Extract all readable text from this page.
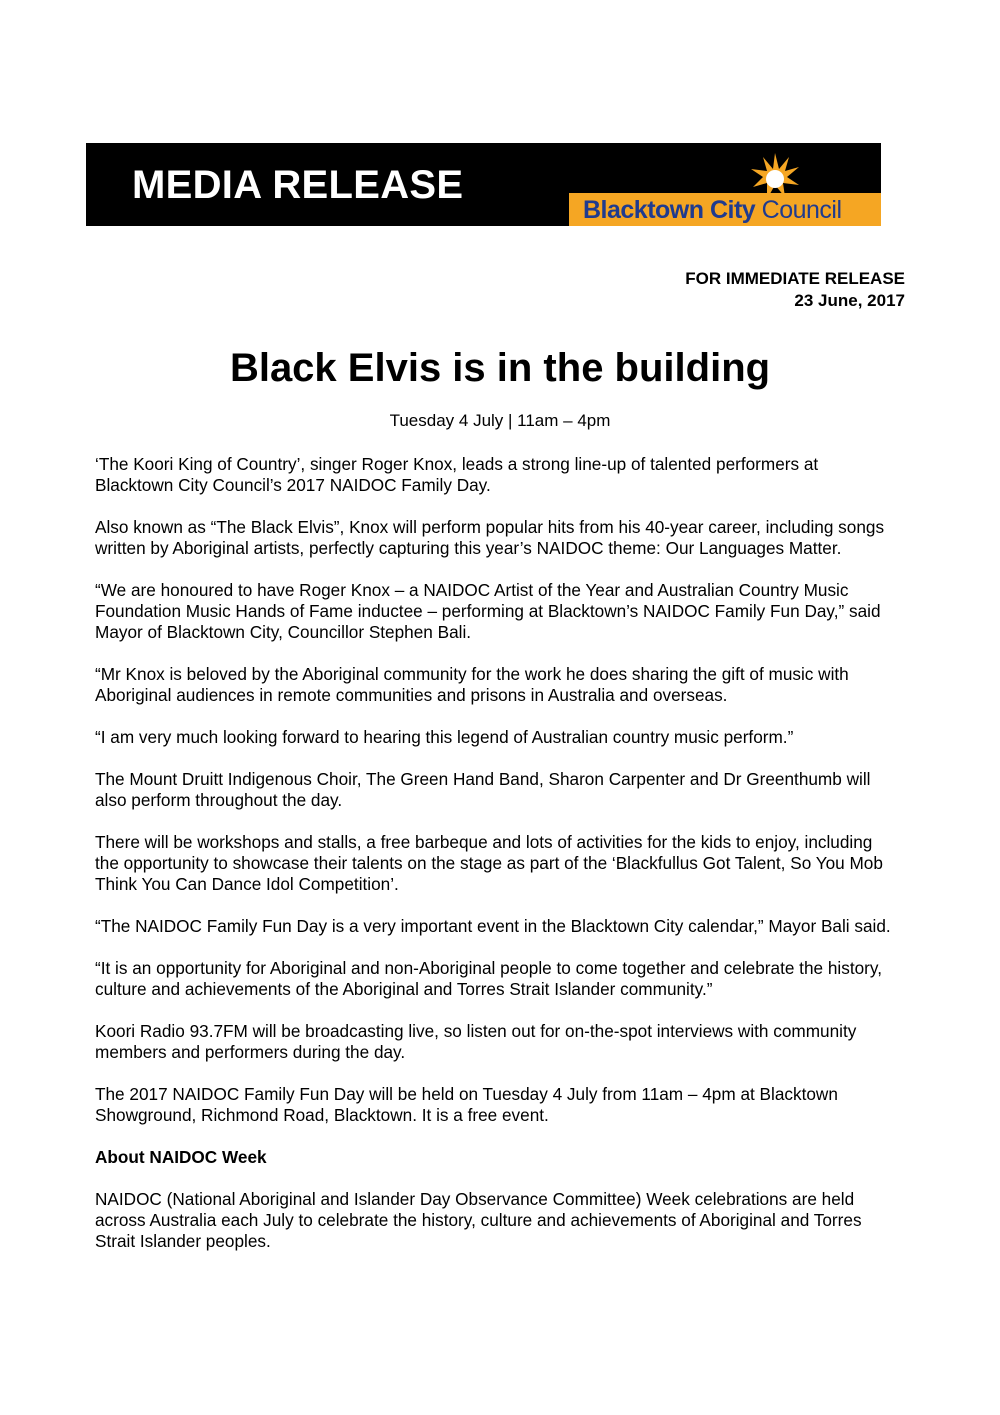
MEDIA RELEASE
Blacktown City Council
FOR IMMEDIATE RELEASE
23 June, 2017
Black Elvis is in the building
Tuesday 4 July | 11am – 4pm

‘The Koori King of Country’, singer Roger Knox, leads a strong line-up of talented performers at Blacktown City Council’s 2017 NAIDOC Family Day.

Also known as “The Black Elvis”, Knox will perform popular hits from his 40-year career, including songs written by Aboriginal artists, perfectly capturing this year’s NAIDOC theme: Our Languages Matter.

“We are honoured to have Roger Knox – a NAIDOC Artist of the Year and Australian Country Music Foundation Music Hands of Fame inductee – performing at Blacktown’s NAIDOC Family Fun Day,” said Mayor of Blacktown City, Councillor Stephen Bali.

“Mr Knox is beloved by the Aboriginal community for the work he does sharing the gift of music with Aboriginal audiences in remote communities and prisons in Australia and overseas.

“I am very much looking forward to hearing this legend of Australian country music perform.”

The Mount Druitt Indigenous Choir, The Green Hand Band, Sharon Carpenter and Dr Greenthumb will also perform throughout the day.

There will be workshops and stalls, a free barbeque and lots of activities for the kids to enjoy, including the opportunity to showcase their talents on the stage as part of the ‘Blackfullus Got Talent, So You Mob Think You Can Dance Idol Competition’.

“The NAIDOC Family Fun Day is a very important event in the Blacktown City calendar,” Mayor Bali said.

“It is an opportunity for Aboriginal and non-Aboriginal people to come together and celebrate the history, culture and achievements of the Aboriginal and Torres Strait Islander community.”

Koori Radio 93.7FM will be broadcasting live, so listen out for on-the-spot interviews with community members and performers during the day.

The 2017 NAIDOC Family Fun Day will be held on Tuesday 4 July from 11am – 4pm at Blacktown Showground, Richmond Road, Blacktown. It is a free event.

About NAIDOC Week

NAIDOC (National Aboriginal and Islander Day Observance Committee) Week celebrations are held across Australia each July to celebrate the history, culture and achievements of Aboriginal and Torres Strait Islander peoples.
